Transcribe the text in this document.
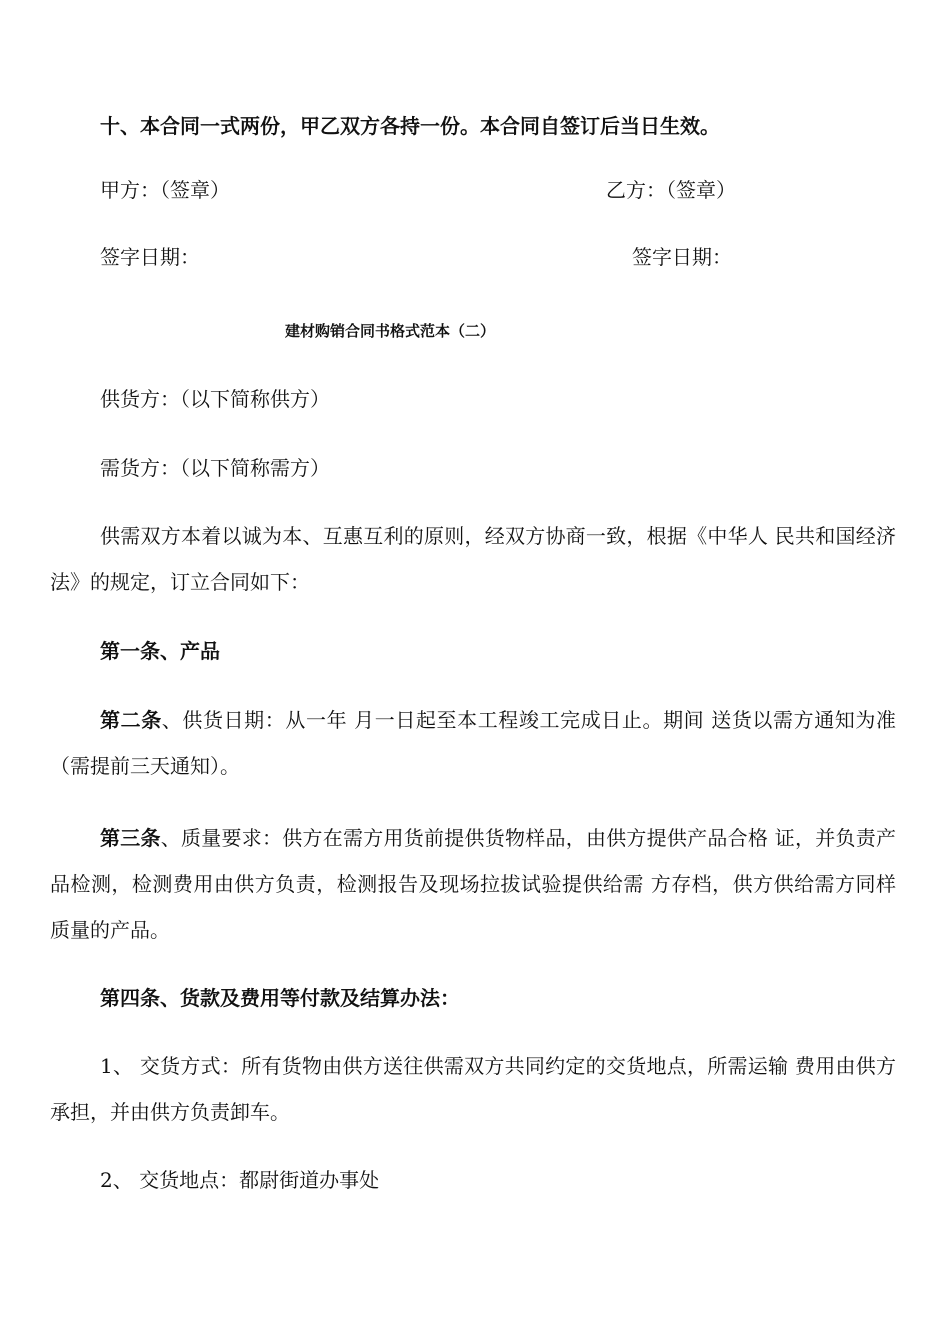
十、本合同一式两份，甲乙双方各持一份。本合同自签订后当日生效。
甲方：（签章）	乙方：（签章）
签字日期：	签字日期：
建材购销合同书格式范本（二）
供货方：（以下简称供方）
需货方：（以下简称需方）
供需双方本着以诚为本、互惠互利的原则，经双方协商一致，根据《中华人 民共和国经济法》的规定，订立合同如下：
第一条、产品
第二条、供货日期：从一年 月一日起至本工程竣工完成日止。期间 送货以需方通知为准（需提前三天通知）。
第三条、质量要求：供方在需方用货前提供货物样品，由供方提供产品合格 证，并负责产品检测，检测费用由供方负责，检测报告及现场拉拔试验提供给需 方存档，供方供给需方同样质量的产品。
第四条、货款及费用等付款及结算办法：
1、 交货方式：所有货物由供方送往供需双方共同约定的交货地点，所需运输 费用由供方承担，并由供方负责卸车。
2、 交货地点：都尉街道办事处
